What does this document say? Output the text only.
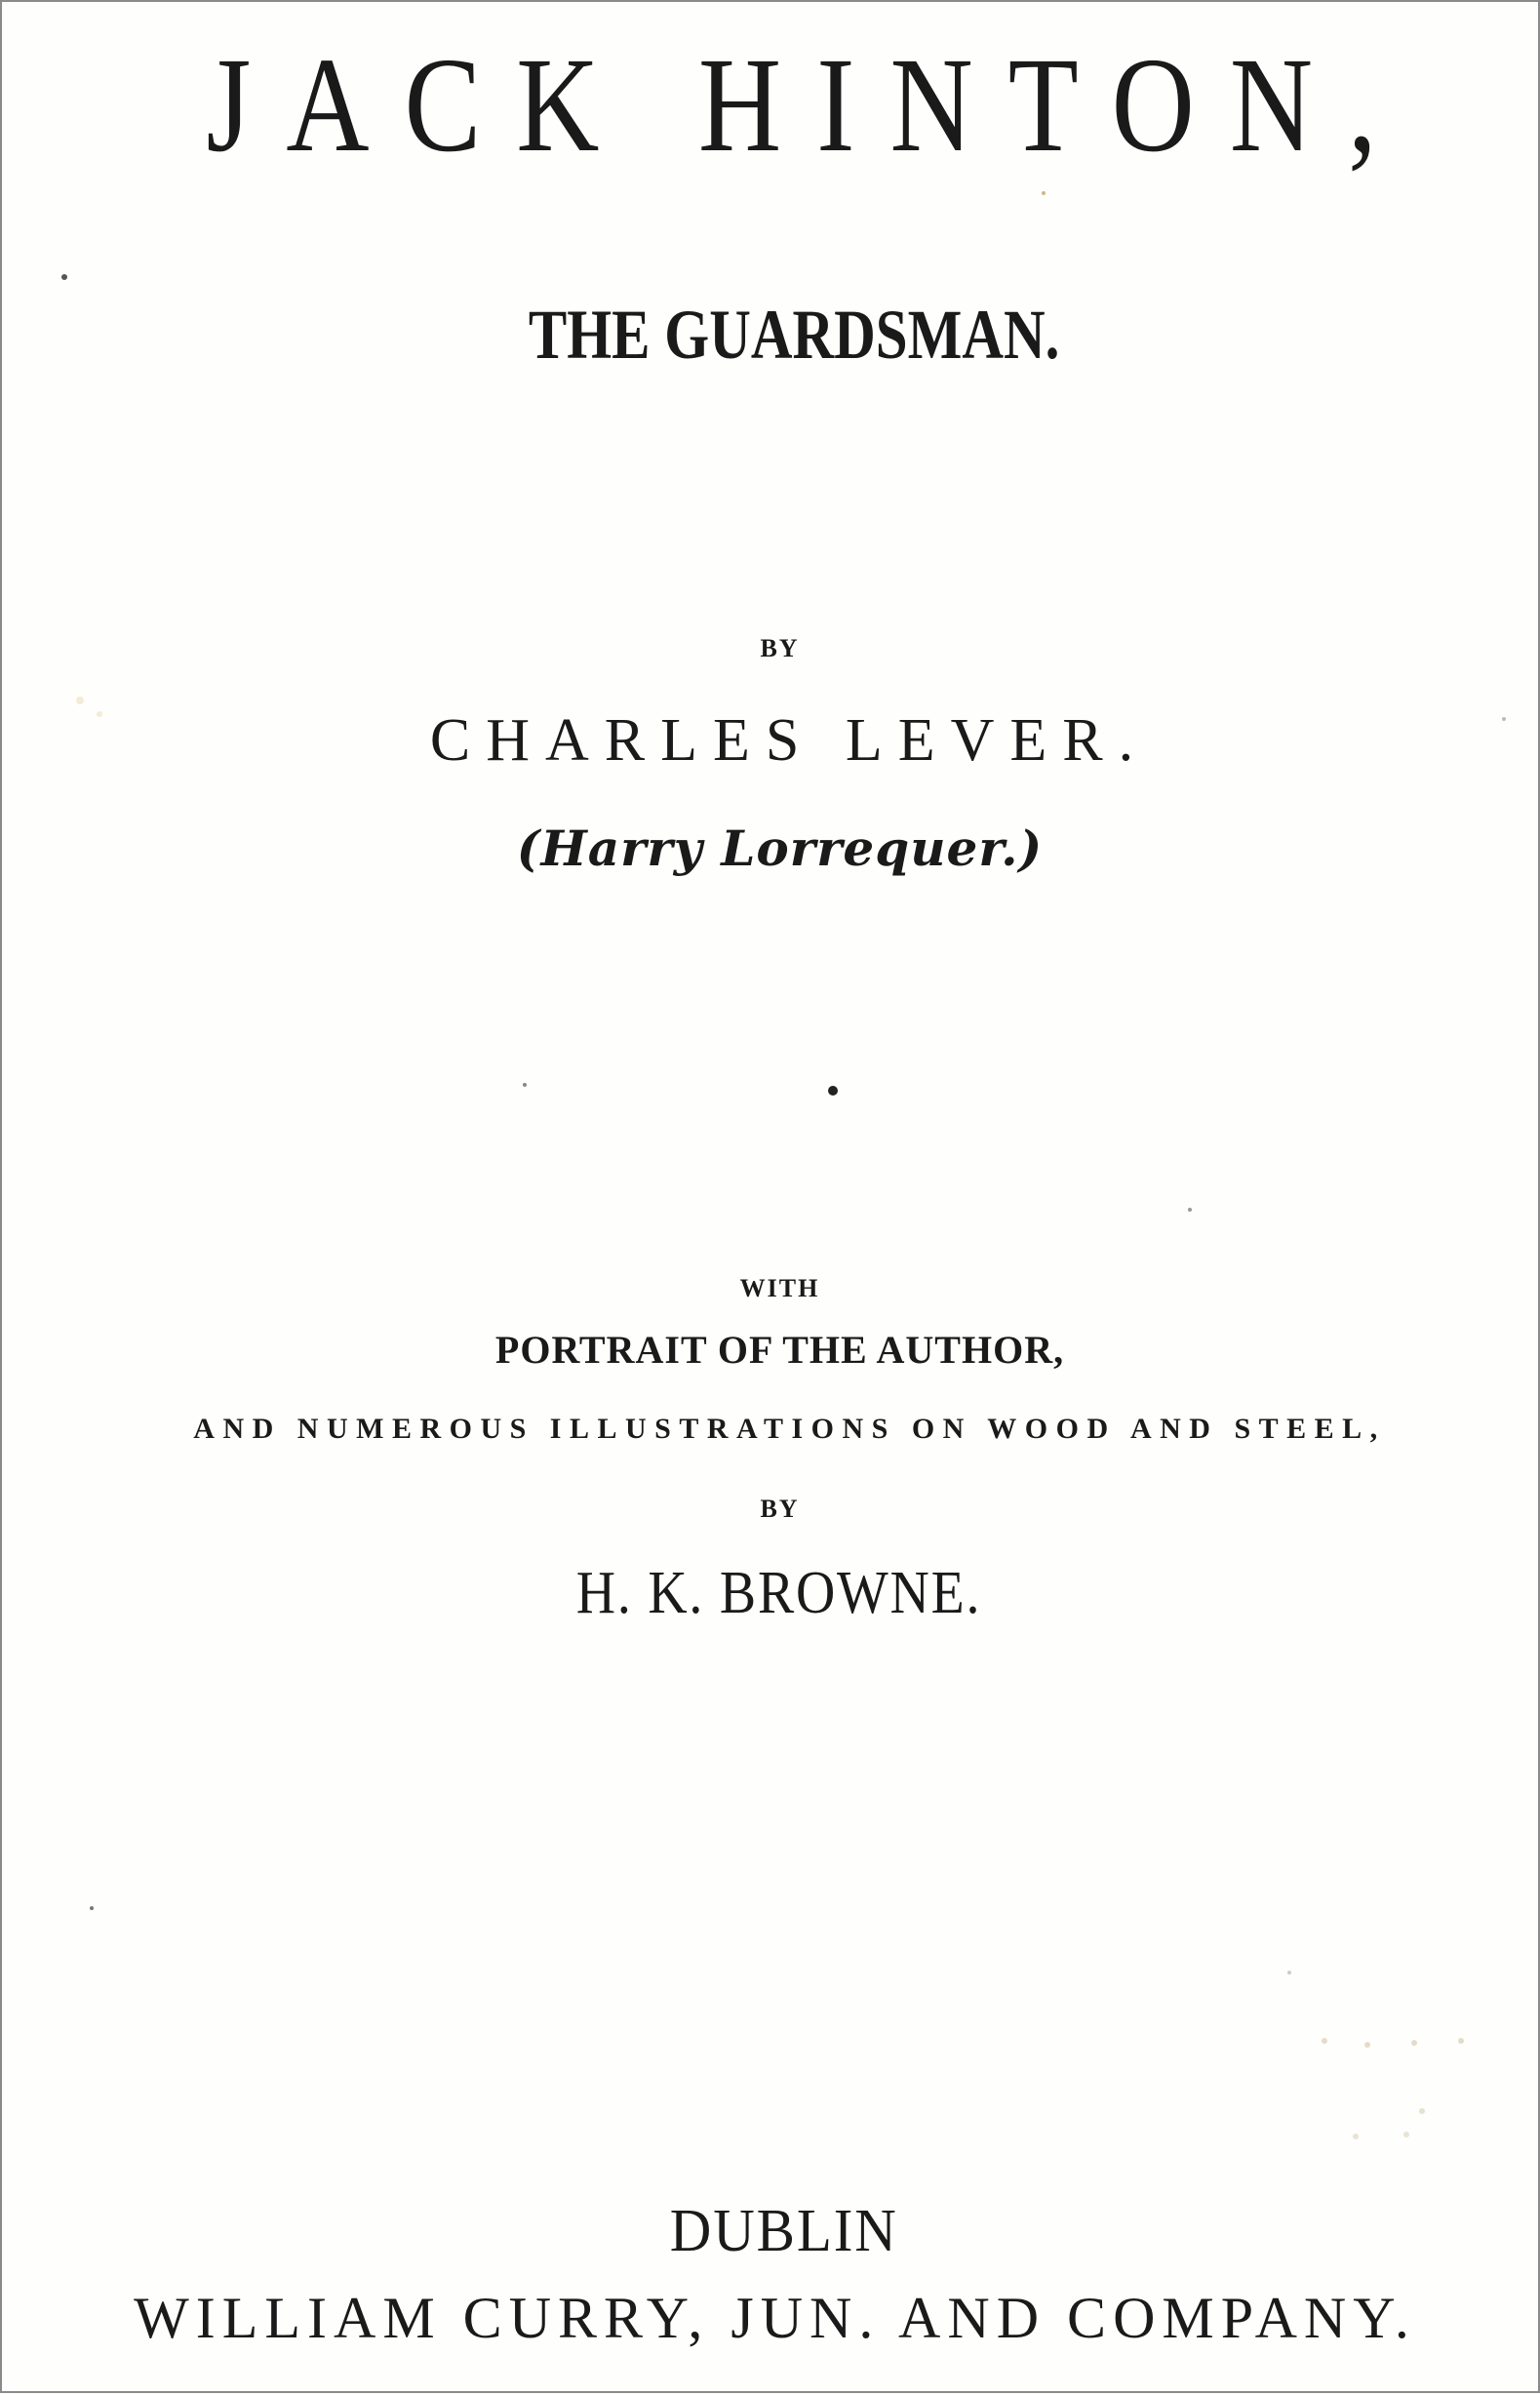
JACK HINTON,
THE GUARDSMAN.
BY
CHARLES LEVER.
(Harry Lorrequer.)
WITH
PORTRAIT OF THE AUTHOR,
AND NUMEROUS ILLUSTRATIONS ON WOOD AND STEEL,
BY
H. K. BROWNE.
DUBLIN
WILLIAM CURRY, JUN. AND COMPANY.
